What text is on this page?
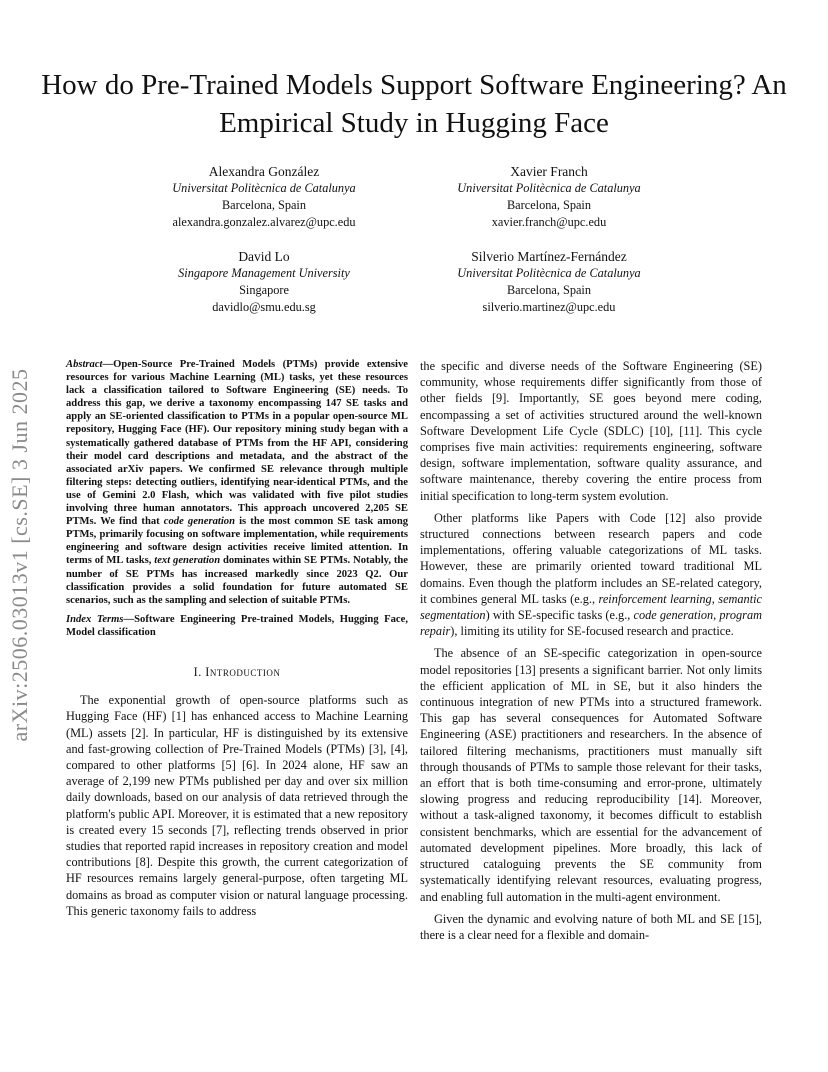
arXiv:2506.03013v1 [cs.SE] 3 Jun 2025
How do Pre-Trained Models Support Software Engineering? An Empirical Study in Hugging Face
Alexandra González
Universitat Politècnica de Catalunya
Barcelona, Spain
alexandra.gonzalez.alvarez@upc.edu
Xavier Franch
Universitat Politècnica de Catalunya
Barcelona, Spain
xavier.franch@upc.edu
David Lo
Singapore Management University
Singapore
davidlo@smu.edu.sg
Silverio Martínez-Fernández
Universitat Politècnica de Catalunya
Barcelona, Spain
silverio.martinez@upc.edu
Abstract—Open-Source Pre-Trained Models (PTMs) provide extensive resources for various Machine Learning (ML) tasks, yet these resources lack a classification tailored to Software Engineering (SE) needs. To address this gap, we derive a taxonomy encompassing 147 SE tasks and apply an SE-oriented classification to PTMs in a popular open-source ML repository, Hugging Face (HF). Our repository mining study began with a systematically gathered database of PTMs from the HF API, considering their model card descriptions and metadata, and the abstract of the associated arXiv papers. We confirmed SE relevance through multiple filtering steps: detecting outliers, identifying near-identical PTMs, and the use of Gemini 2.0 Flash, which was validated with five pilot studies involving three human annotators. This approach uncovered 2,205 SE PTMs. We find that code generation is the most common SE task among PTMs, primarily focusing on software implementation, while requirements engineering and software design activities receive limited attention. In terms of ML tasks, text generation dominates within SE PTMs. Notably, the number of SE PTMs has increased markedly since 2023 Q2. Our classification provides a solid foundation for future automated SE scenarios, such as the sampling and selection of suitable PTMs.
Index Terms—Software Engineering Pre-trained Models, Hugging Face, Model classification
I. Introduction

The exponential growth of open-source platforms such as Hugging Face (HF) [1] has enhanced access to Machine Learning (ML) assets [2]. In particular, HF is distinguished by its extensive and fast-growing collection of Pre-Trained Models (PTMs) [3], [4], compared to other platforms [5] [6]. In 2024 alone, HF saw an average of 2,199 new PTMs published per day and over six million daily downloads, based on our analysis of data retrieved through the platform's public API. Moreover, it is estimated that a new repository is created every 15 seconds [7], reflecting trends observed in prior studies that reported rapid increases in repository creation and model contributions [8]. Despite this growth, the current categorization of HF resources remains largely general-purpose, often targeting ML domains as broad as computer vision or natural language processing. This generic taxonomy fails to address

the specific and diverse needs of the Software Engineering (SE) community, whose requirements differ significantly from those of other fields [9]. Importantly, SE goes beyond mere coding, encompassing a set of activities structured around the well-known Software Development Life Cycle (SDLC) [10], [11]. This cycle comprises five main activities: requirements engineering, software design, software implementation, software quality assurance, and software maintenance, thereby covering the entire process from initial specification to long-term system evolution.

Other platforms like Papers with Code [12] also provide structured connections between research papers and code implementations, offering valuable categorizations of ML tasks. However, these are primarily oriented toward traditional ML domains. Even though the platform includes an SE-related category, it combines general ML tasks (e.g., reinforcement learning, semantic segmentation) with SE-specific tasks (e.g., code generation, program repair), limiting its utility for SE-focused research and practice.

The absence of an SE-specific categorization in open-source model repositories [13] presents a significant barrier. Not only limits the efficient application of ML in SE, but it also hinders the continuous integration of new PTMs into a structured framework. This gap has several consequences for Automated Software Engineering (ASE) practitioners and researchers. In the absence of tailored filtering mechanisms, practitioners must manually sift through thousands of PTMs to sample those relevant for their tasks, an effort that is both time-consuming and error-prone, ultimately slowing progress and reducing reproducibility [14]. Moreover, without a task-aligned taxonomy, it becomes difficult to establish consistent benchmarks, which are essential for the advancement of automated development pipelines. More broadly, this lack of structured cataloguing prevents the SE community from systematically identifying relevant resources, evaluating progress, and enabling full automation in the multi-agent environment.

Given the dynamic and evolving nature of both ML and SE [15], there is a clear need for a flexible and domain-
